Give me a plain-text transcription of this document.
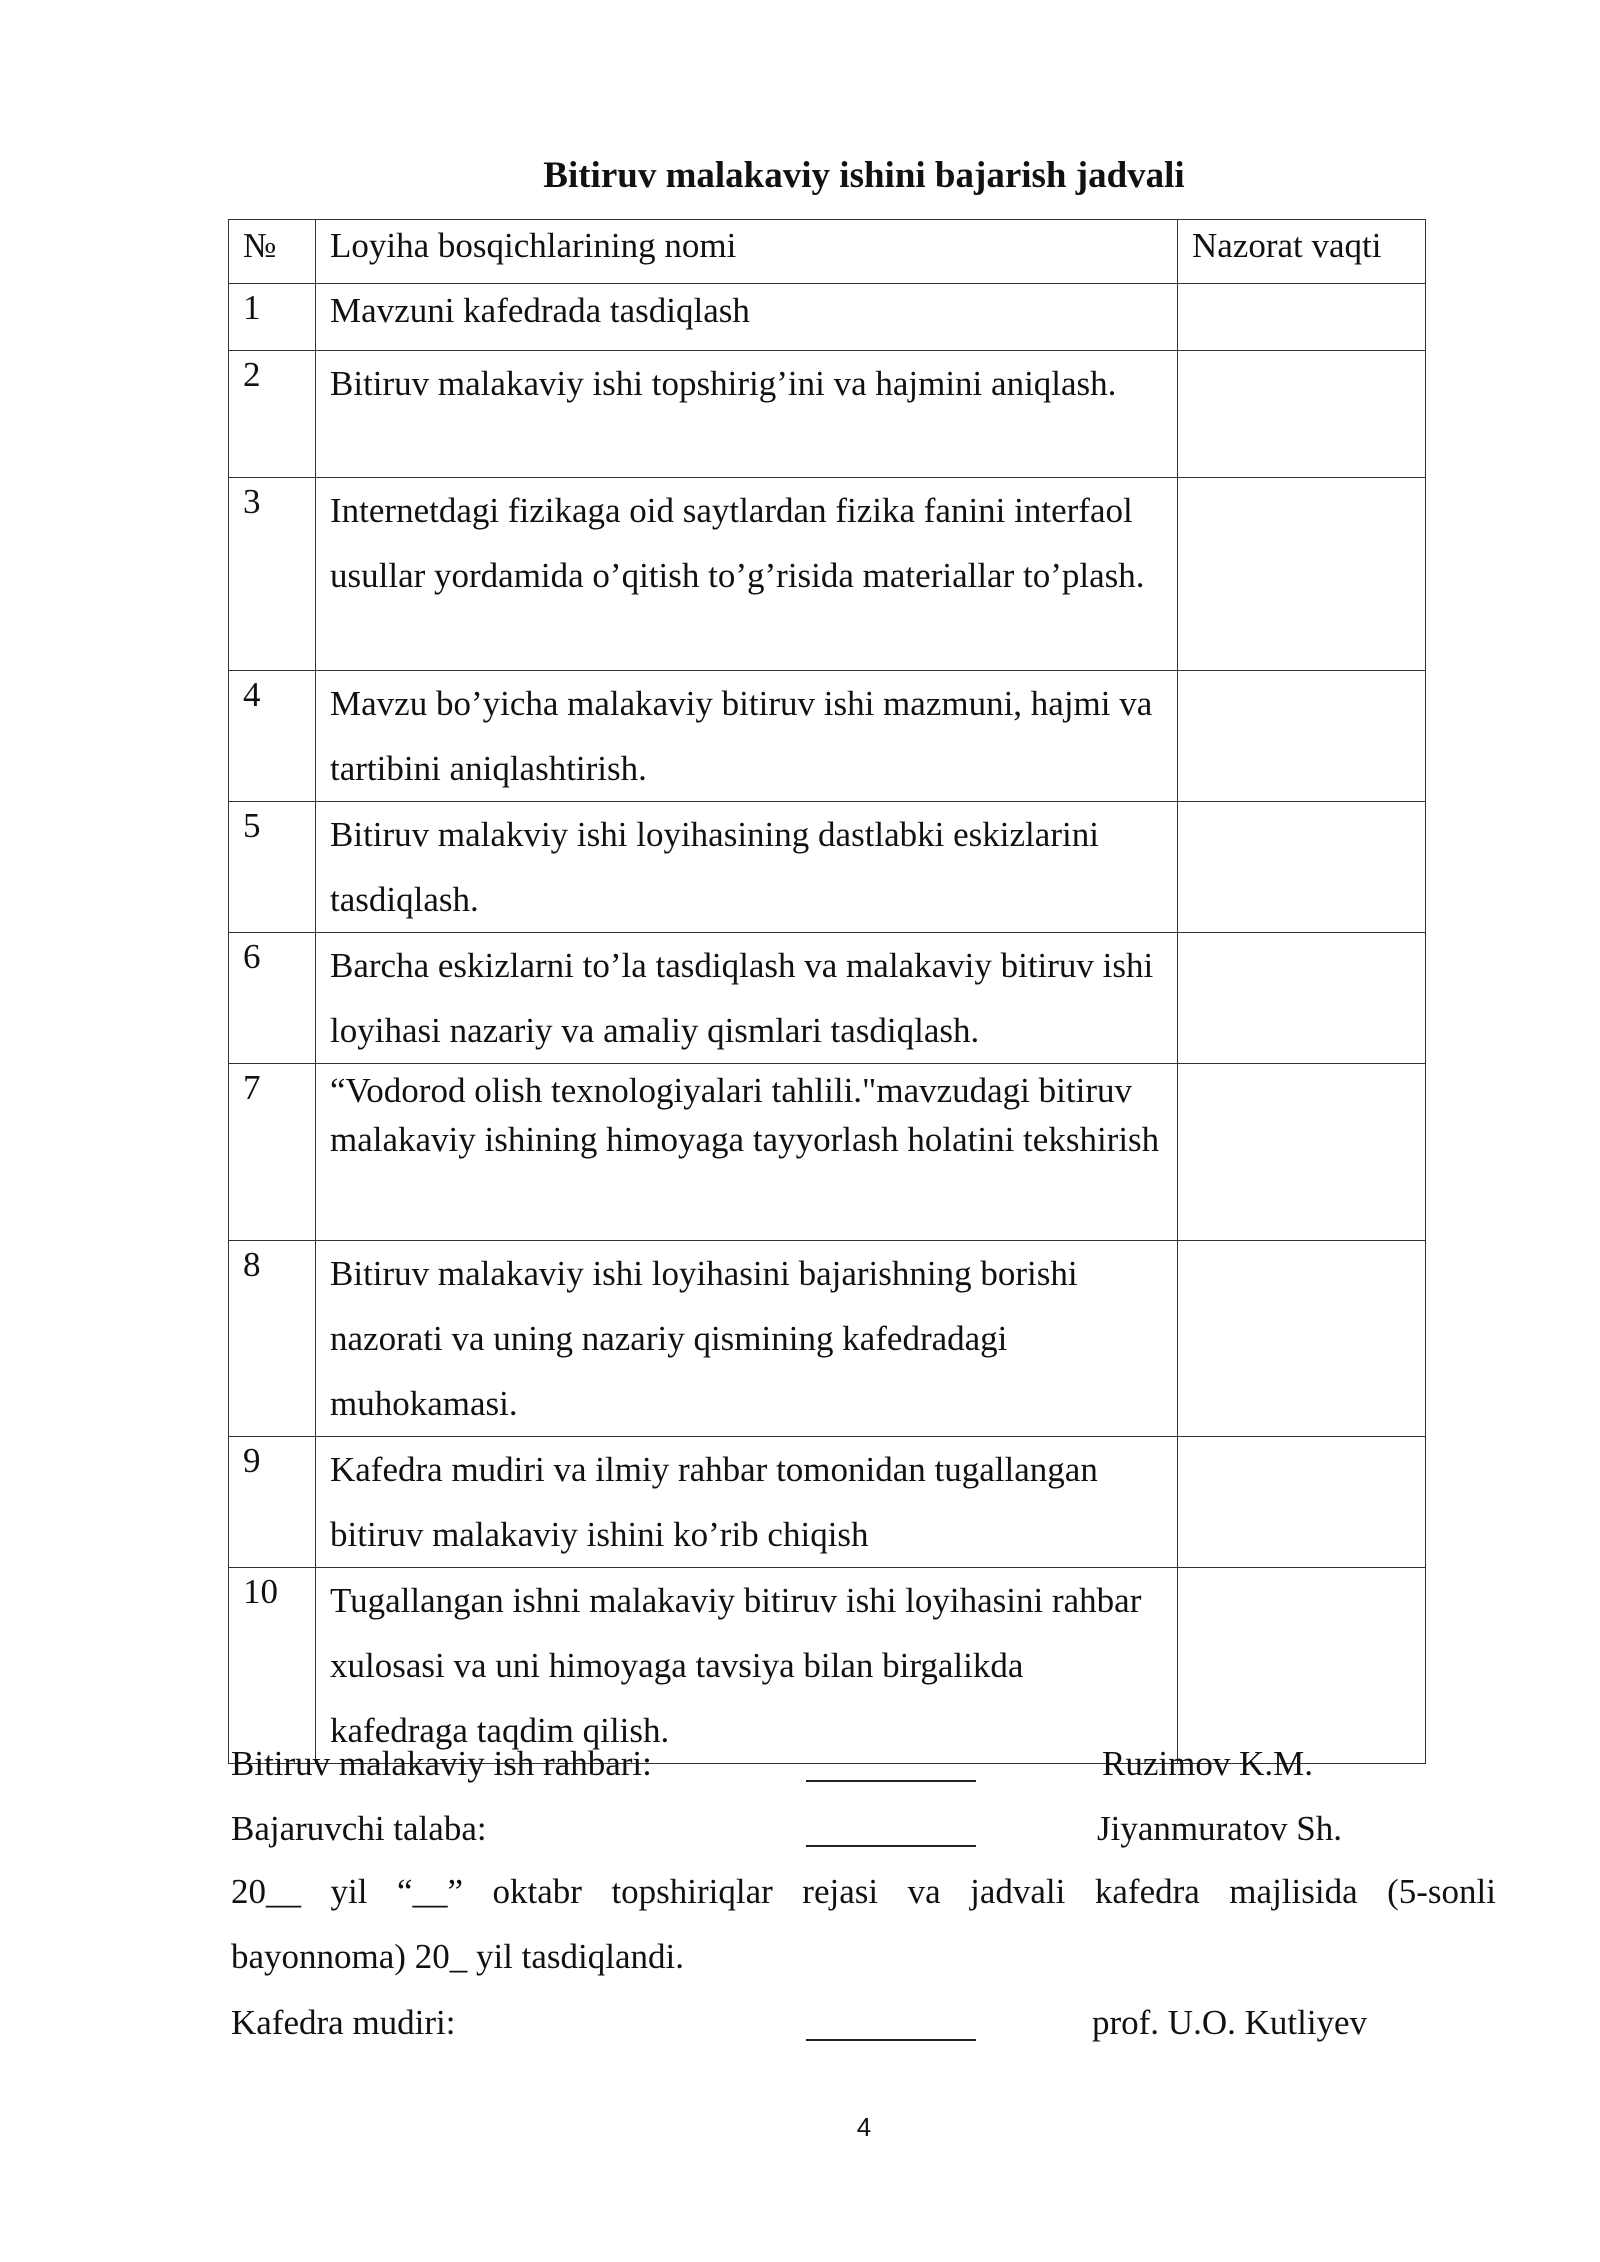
Bitiruv malakaviy ishini bajarish jadvali
№	Loyiha bosqichlarining nomi	Nazorat vaqti
1	Mavzuni kafedrada tasdiqlash	
2	Bitiruv malakaviy ishi topshirig’ini va hajmini aniqlash.	
3	Internetdagi fizikaga oid saytlardan fizika fanini interfaol usullar yordamida o’qitish to’g’risida materiallar to’plash.	
4	Mavzu bo’yicha malakaviy bitiruv ishi mazmuni, hajmi va tartibini aniqlashtirish.	
5	Bitiruv malakviy ishi loyihasining dastlabki eskizlarini tasdiqlash.	
6	Barcha eskizlarni to’la tasdiqlash va malakaviy bitiruv ishi loyihasi nazariy va amaliy qismlari tasdiqlash.	
7	“Vodorod olish texnologiyalari tahlili."mavzudagi bitiruv malakaviy ishining himoyaga tayyorlash holatini tekshirish	
8	Bitiruv malakaviy ishi loyihasini bajarishning borishi nazorati va uning nazariy qismining kafedradagi muhokamasi.	
9	Kafedra mudiri va ilmiy rahbar tomonidan tugallangan bitiruv malakaviy ishini ko’rib chiqish	
10	Tugallangan ishni malakaviy bitiruv ishi loyihasini rahbar xulosasi va uni himoyaga tavsiya bilan birgalikda kafedraga taqdim qilish.	
Bitiruv malakaviy ish rahbari:	Ruzimov K.M.
Bajaruvchi talaba:	Jiyanmuratov Sh.
20__ yil “__” oktabr topshiriqlar rejasi va jadvali kafedra majlisida (5-sonli
bayonnoma) 20_ yil tasdiqlandi.
Kafedra mudiri:	prof. U.O. Kutliyev
4
